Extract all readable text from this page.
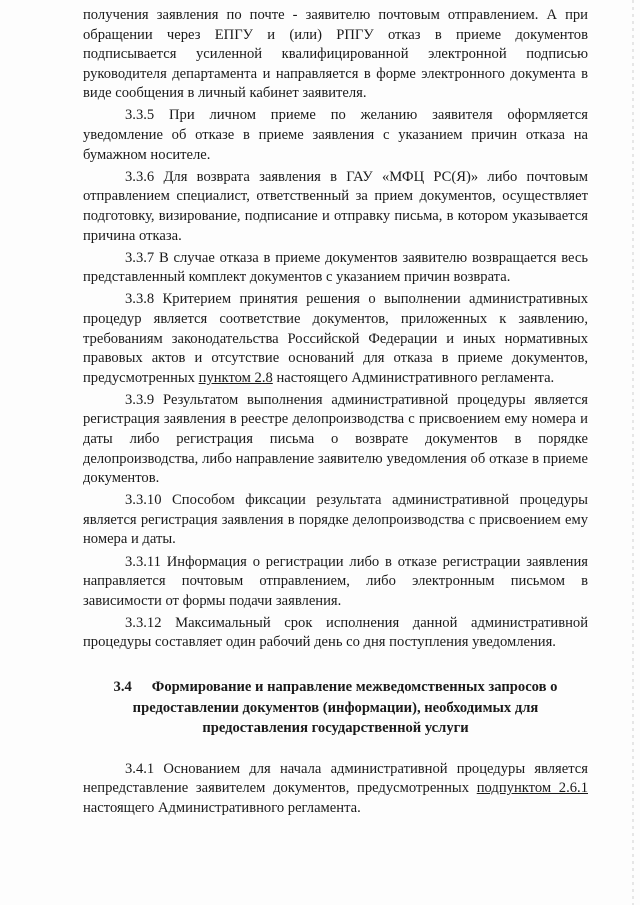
получения заявления по почте - заявителю почтовым отправлением. А при обращении через ЕПГУ и (или) РПГУ отказ в приеме документов подписывается усиленной квалифицированной электронной подписью руководителя департамента и направляется в форме электронного документа в виде сообщения в личный кабинет заявителя.

3.3.5 При личном приеме по желанию заявителя оформляется уведомление об отказе в приеме заявления с указанием причин отказа на бумажном носителе.

3.3.6 Для возврата заявления в ГАУ «МФЦ РС(Я)» либо почтовым отправлением специалист, ответственный за прием документов, осуществляет подготовку, визирование, подписание и отправку письма, в котором указывается причина отказа.

3.3.7 В случае отказа в приеме документов заявителю возвращается весь представленный комплект документов с указанием причин возврата.

3.3.8 Критерием принятия решения о выполнении административных процедур является соответствие документов, приложенных к заявлению, требованиям законодательства Российской Федерации и иных нормативных правовых актов и отсутствие оснований для отказа в приеме документов, предусмотренных пунктом 2.8 настоящего Административного регламента.

3.3.9 Результатом выполнения административной процедуры является регистрация заявления в реестре делопроизводства с присвоением ему номера и даты либо регистрация письма о возврате документов в порядке делопроизводства, либо направление заявителю уведомления об отказе в приеме документов.

3.3.10 Способом фиксации результата административной процедуры является регистрация заявления в порядке делопроизводства с присвоением ему номера и даты.

3.3.11 Информация о регистрации либо в отказе регистрации заявления направляется почтовым отправлением, либо электронным письмом в зависимости от формы подачи заявления.

3.3.12 Максимальный срок исполнения данной административной процедуры составляет один рабочий день со дня поступления уведомления.

3.4 Формирование и направление межведомственных запросов о предоставлении документов (информации), необходимых для предоставления государственной услуги

3.4.1 Основанием для начала административной процедуры является непредставление заявителем документов, предусмотренных подпунктом 2.6.1 настоящего Административного регламента.
